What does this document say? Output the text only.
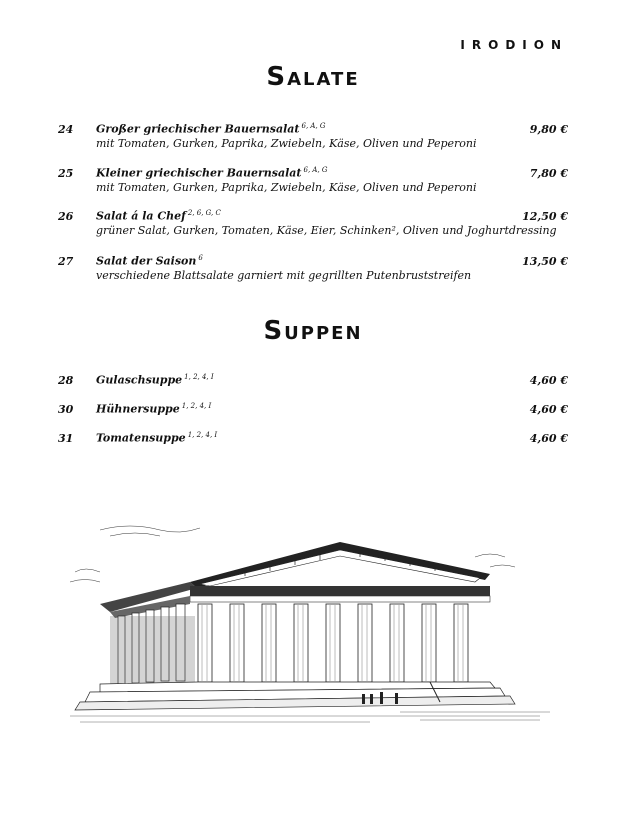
IRODION
Salate
24	Großer griechischer Bauernsalat $^{6, A, G}$	9,80 €
mit Tomaten, Gurken, Paprika, Zwiebeln, Käse, Oliven und Peperoni
25	Kleiner griechischer Bauernsalat $^{6, A, G}$	7,80 €
mit Tomaten, Gurken, Paprika, Zwiebeln, Käse, Oliven und Peperoni
26	Salat á la Chef $^{2, 6, G, C}$	12,50 €
grüner Salat, Gurken, Tomaten, Käse, Eier, Schinken², Oliven und Joghurtdressing
27	Salat der Saison $^6$	13,50 €
verschiedene Blattsalate garniert mit gegrillten Putenbruststreifen
Suppen
28	Gulaschsuppe $^{1, 2, 4, I}$	4,60 €
30	Hühnersuppe $^{1, 2, 4, I}$	4,60 €
31	Tomatensuppe $^{1, 2, 4, I}$	4,60 €
